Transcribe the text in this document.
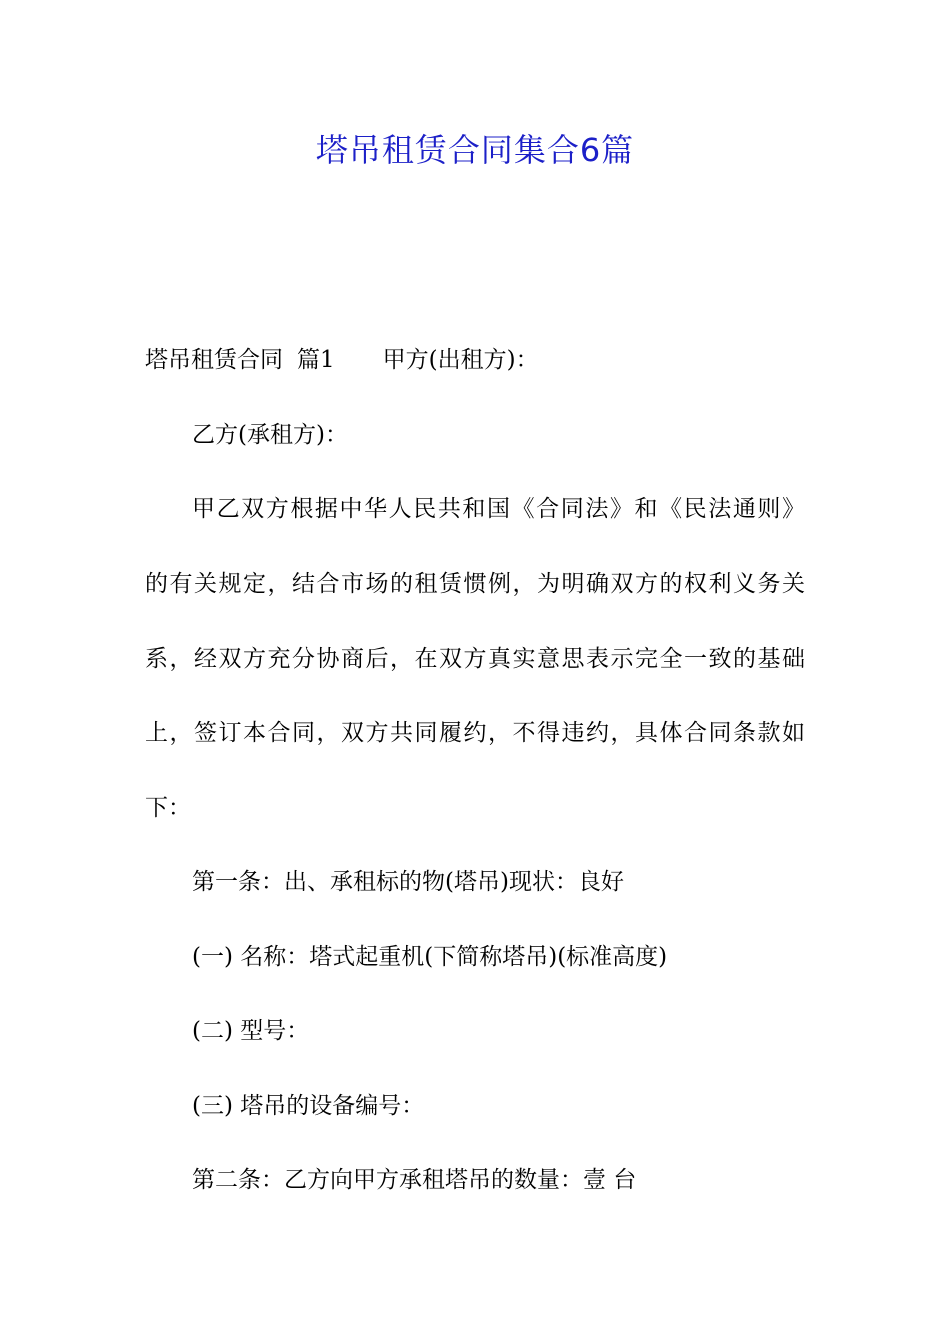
塔吊租赁合同集合6篇
塔吊租赁合同 篇1 甲方(出租方)：
乙方(承租方)：
甲乙双方根据中华人民共和国《合同法》和《民法通则》
的有关规定，结合市场的租赁惯例，为明确双方的权利义务关
系，经双方充分协商后，在双方真实意思表示完全一致的基础
上，签订本合同，双方共同履约，不得违约，具体合同条款如
下：
第一条：出、承租标的物(塔吊)现状：良好
(一) 名称：塔式起重机(下简称塔吊)(标准高度)
(二) 型号：
(三) 塔吊的设备编号：
第二条：乙方向甲方承租塔吊的数量：壹 台
